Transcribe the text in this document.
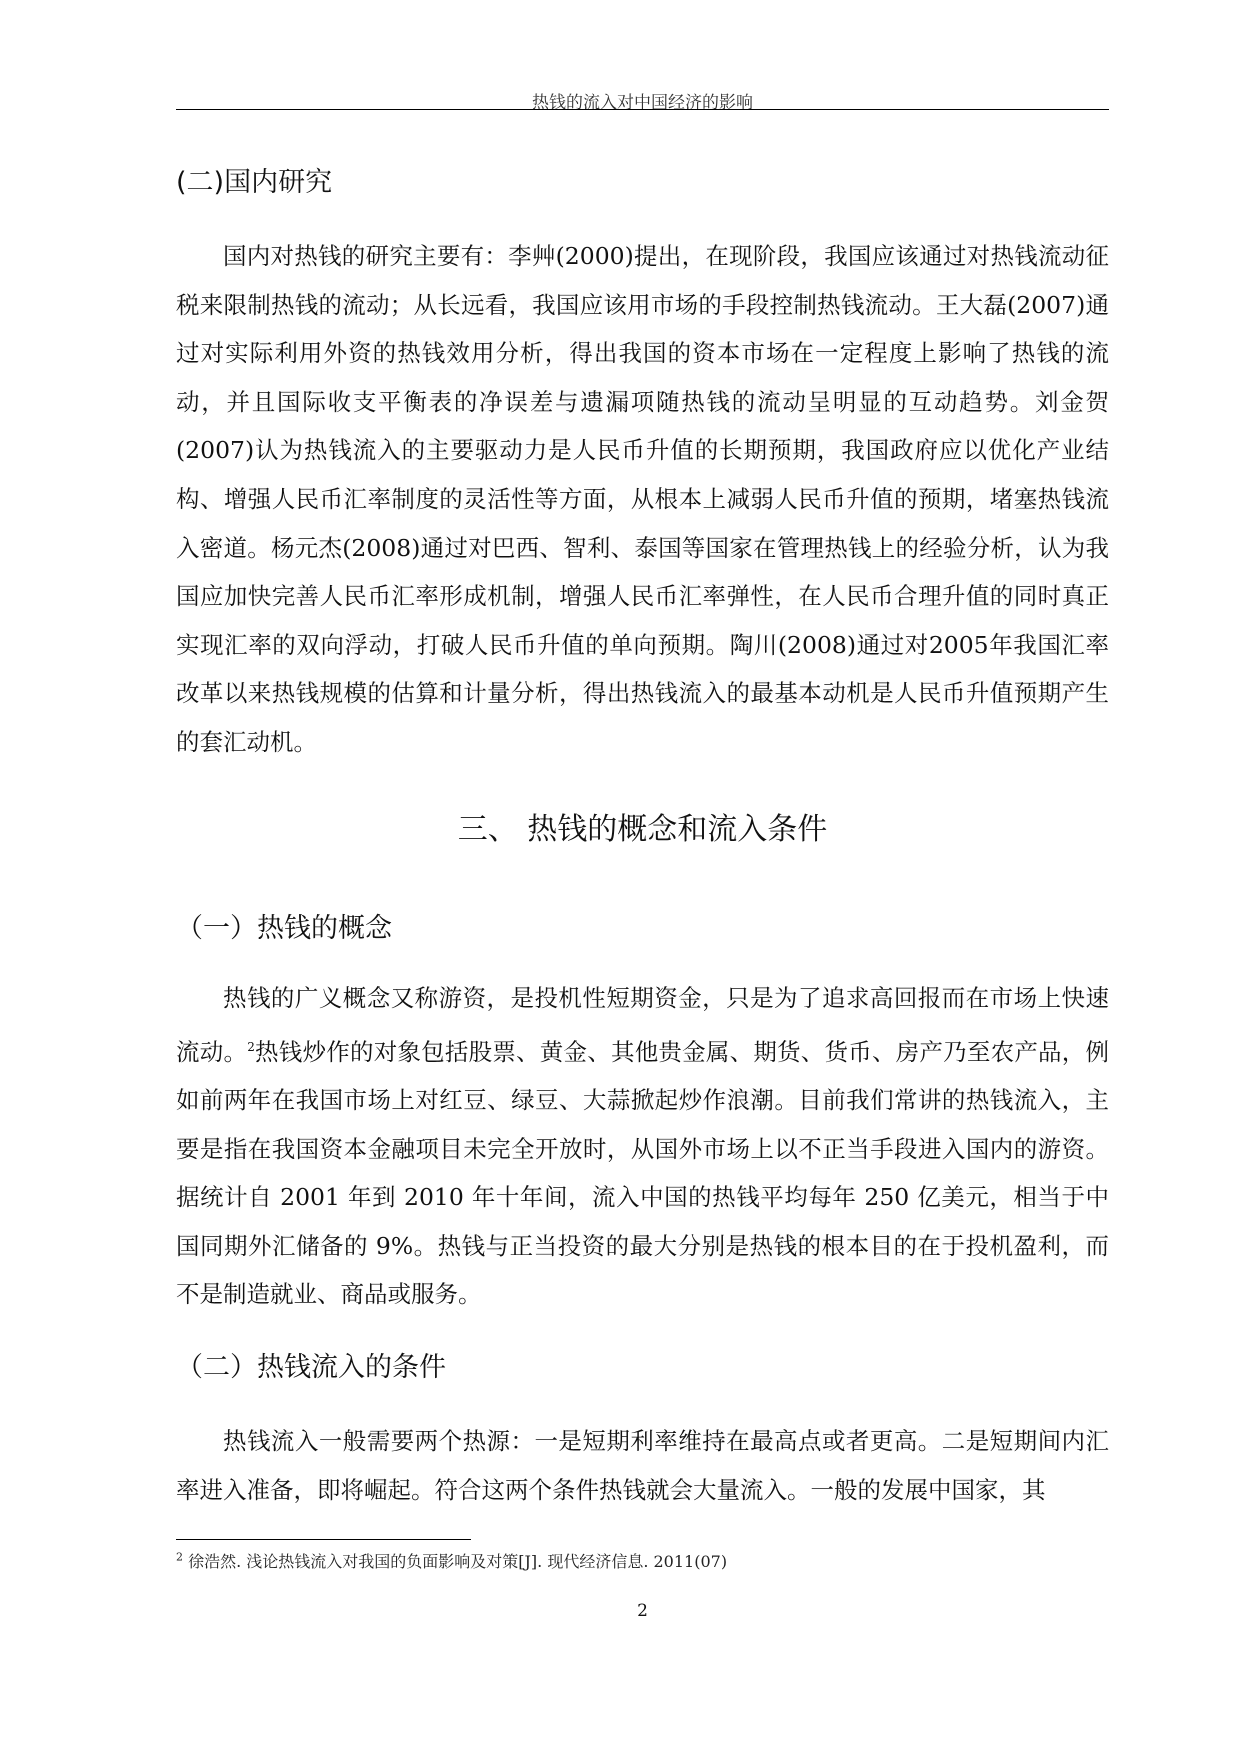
热钱的流入对中国经济的影响
(二)国内研究
国内对热钱的研究主要有：李艸(2000)提出，在现阶段，我国应该通过对热钱流动征税来限制热钱的流动；从长远看，我国应该用市场的手段控制热钱流动。王大磊(2007)通过对实际利用外资的热钱效用分析，得出我国的资本市场在一定程度上影响了热钱的流动，并且国际收支平衡表的净误差与遗漏项随热钱的流动呈明显的互动趋势。刘金贺(2007)认为热钱流入的主要驱动力是人民币升值的长期预期，我国政府应以优化产业结构、增强人民币汇率制度的灵活性等方面，从根本上减弱人民币升值的预期，堵塞热钱流入密道。杨元杰(2008)通过对巴西、智利、泰国等国家在管理热钱上的经验分析，认为我国应加快完善人民币汇率形成机制，增强人民币汇率弹性，在人民币合理升值的同时真正实现汇率的双向浮动，打破人民币升值的单向预期。陶川(2008)通过对2005年我国汇率改革以来热钱规模的估算和计量分析，得出热钱流入的最基本动机是人民币升值预期产生的套汇动机。
三、 热钱的概念和流入条件
（一）热钱的概念
热钱的广义概念又称游资，是投机性短期资金，只是为了追求高回报而在市场上快速流动。$^2$热钱炒作的对象包括股票、黄金、其他贵金属、期货、货币、房产乃至农产品，例如前两年在我国市场上对红豆、绿豆、大蒜掀起炒作浪潮。目前我们常讲的热钱流入，主要是指在我国资本金融项目未完全开放时，从国外市场上以不正当手段进入国内的游资。据统计自 2001 年到 2010 年十年间，流入中国的热钱平均每年 250 亿美元，相当于中国同期外汇储备的 9%。热钱与正当投资的最大分别是热钱的根本目的在于投机盈利，而不是制造就业、商品或服务。
（二）热钱流入的条件
热钱流入一般需要两个热源：一是短期利率维持在最高点或者更高。二是短期间内汇率进入准备，即将崛起。符合这两个条件热钱就会大量流入。一般的发展中国家，其
$^2$ 徐浩然. 浅论热钱流入对我国的负面影响及对策[J]. 现代经济信息. 2011(07)
2
